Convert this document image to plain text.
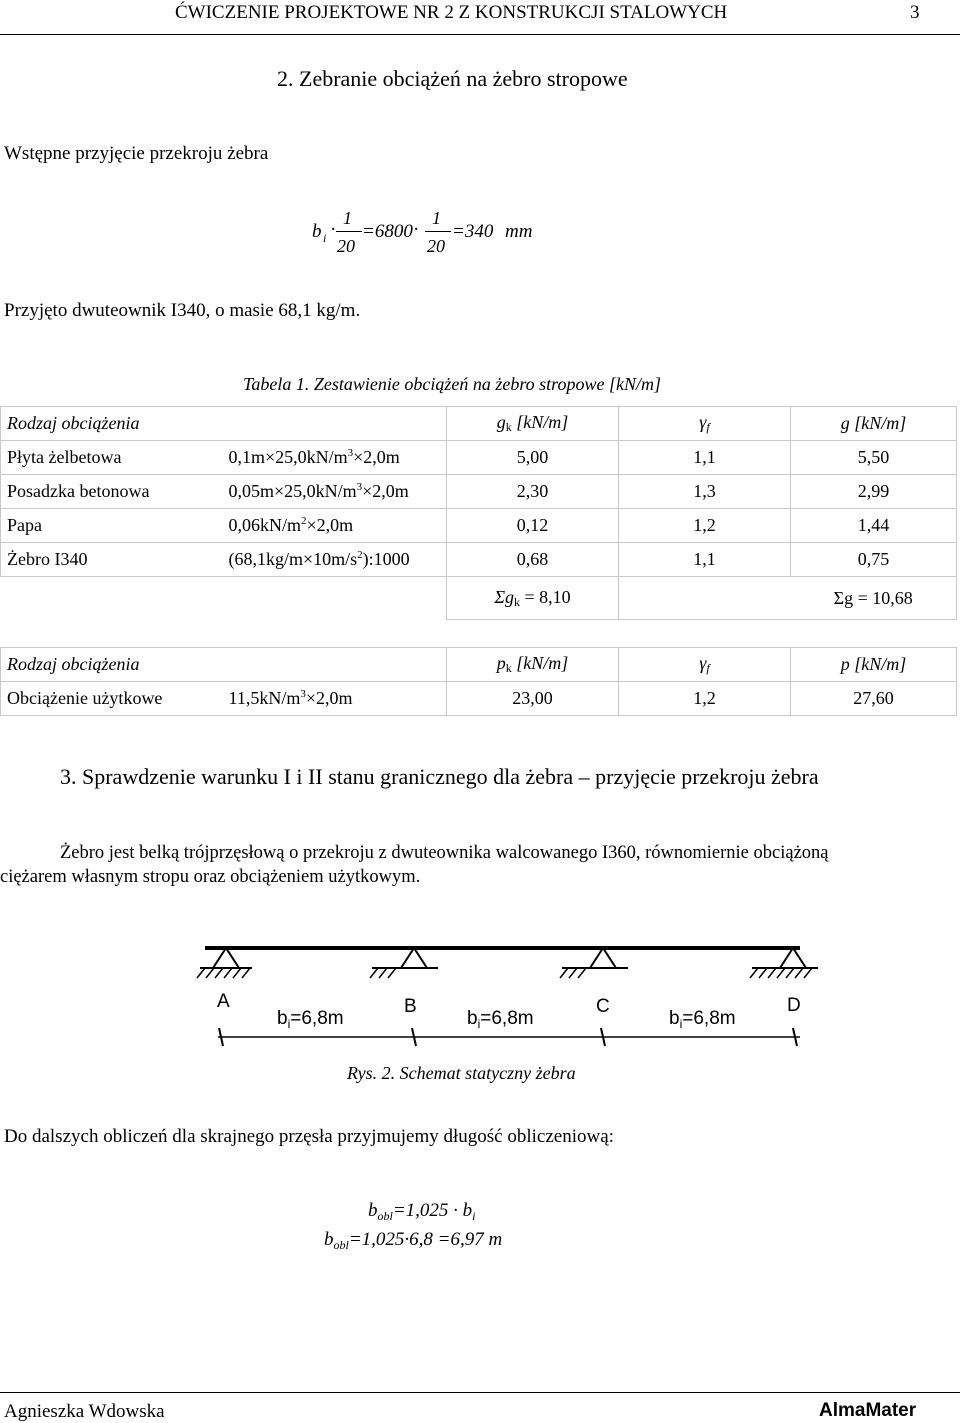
ĆWICZENIE PROJEKTOWE NR 2 Z KONSTRUKCJI STALOWYCH	3
2. Zebranie obciążeń na żebro stropowe
Wstępne przyjęcie przekroju żebra
b i ·
1
20
=6800 ·
1
20
=340 mm
Przyjęto dwuteownik I340, o masie 68,1 kg/m.
Tabela 1. Zestawienie obciążeń na żebro stropowe [kN/m]
Rodzaj obciążenia		$g_k$ [kN/m]	$\gamma_f$	g [kN/m]
Płyta żelbetowa	$0,1m\times 25,0kN/m^3\times 2,0m$	5,00	1,1	5,50
Posadzka betonowa	$0,05m\times 25,0kN/m^3\times 2,0m$	2,30	1,3	2,99
Papa	$0,06kN/m^2\times 2,0m$	0,12	1,2	1,44
Żebro I340	$(68,1kg/m\times 10m/s^2):1000$	0,68	1,1	0,75
		$\Sigma g_k = 8,10$		Σg = 10,68
Rodzaj obciążenia		$p_k$ [kN/m]	$\gamma_f$	p [kN/m]
Obciążenie użytkowe	$11,5kN/m^3\times 2,0m$	23,00	1,2	27,60
3. Sprawdzenie warunku I i II stanu granicznego dla żebra – przyjęcie przekroju żebra
Żebro jest belką trójprzęsłową o przekroju z dwuteownika walcowanego I360, równomiernie obciążoną
ciężarem własnym stropu oraz obciążeniem użytkowym.
A	B	C	D
$b_i=6,8m$	$b_i=6,8m$	$b_i=6,8m$
Rys. 2. Schemat statyczny żebra
Do dalszych obliczeń dla skrajnego przęsła przyjmujemy długość obliczeniową:
$b_{obl}=1,025 \cdot b_i$
$b_{obl}=1,025\cdot 6,8 =6,97$ m
Agnieszka Wdowska	AlmaMater
